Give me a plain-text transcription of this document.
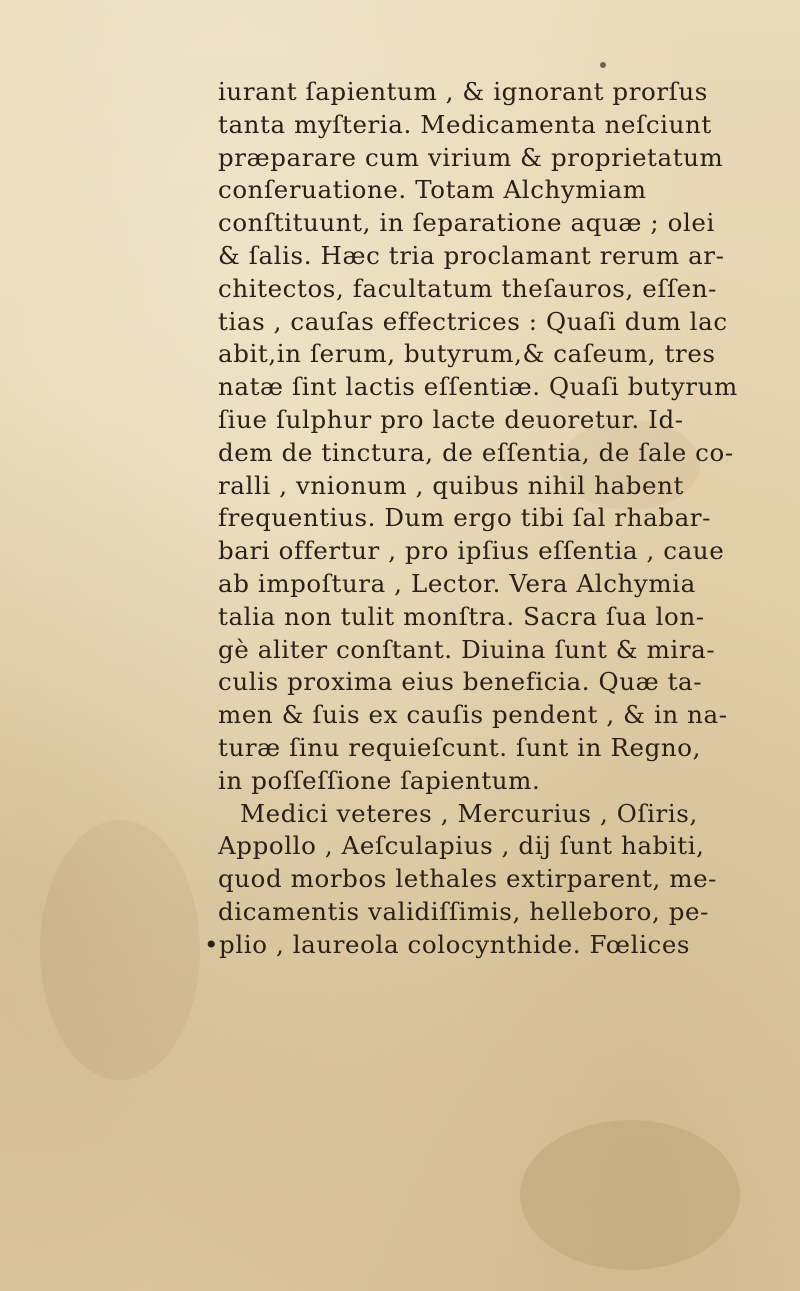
iurant ſapientum , & ignorant prorſus
tanta myſteria. Medicamenta neſciunt
præparare cum virium & proprietatum
conſeruatione. Totam Alchymiam
conſtituunt, in ſeparatione aquæ ; olei
& ſalis. Hæc tria proclamant rerum ar-
chitectos, facultatum theſauros, eſſen-
tias , cauſas effectrices : Quaſi dum lac
abit,in ſerum, butyrum,& caſeum, tres
natæ ſint lactis eſſentiæ. Quaſi butyrum
ſiue ſulphur pro lacte deuoretur. Id-
dem de tinctura, de eſſentia, de ſale co-
ralli , vnionum , quibus nihil habent
frequentius. Dum ergo tibi ſal rhabar-
bari offertur , pro ipſius eſſentia , caue
ab impoſtura , Lector. Vera Alchymia
talia non tulit monſtra. Sacra ſua lon-
gè aliter conſtant. Diuina ſunt & mira-
culis proxima eius beneficia. Quæ ta-
men & ſuis ex cauſis pendent , & in na-
turæ ſinu requieſcunt. ſunt in Regno,
in poſſeſſione ſapientum.
Medici veteres , Mercurius , Oſiris,
Appollo , Aeſculapius , dij ſunt habiti,
quod morbos lethales extirparent, me-
dicamentis validiſſimis, helleboro, pe-
•plio , laureola colocynthide. Fœlices
